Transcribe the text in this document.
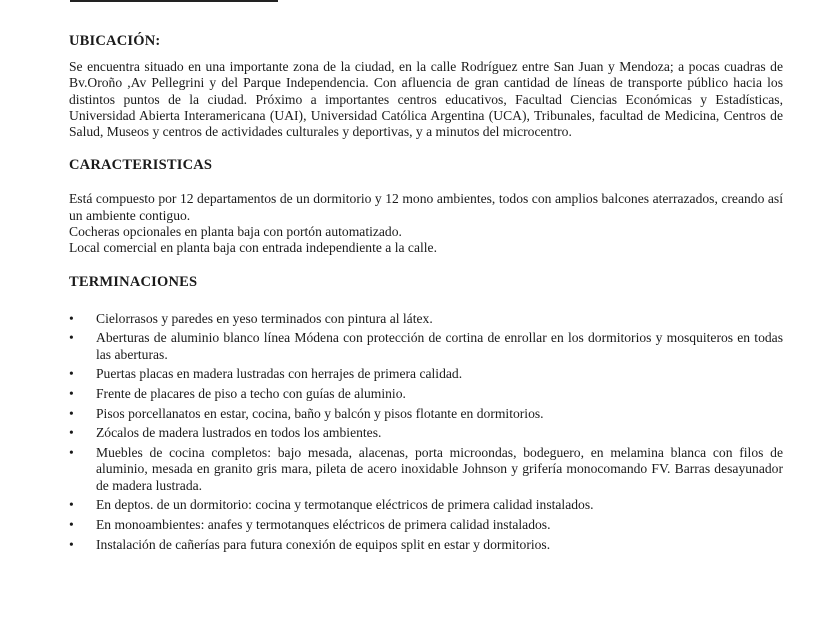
UBICACIÓN:

Se encuentra situado en una importante zona de la ciudad, en la calle Rodríguez entre San Juan y Mendoza; a pocas cuadras de Bv.Oroño ,Av Pellegrini y del Parque Independencia. Con afluencia de gran cantidad de líneas de transporte público hacia los distintos puntos de la ciudad. Próximo a importantes centros educativos, Facultad Ciencias Económicas y Estadísticas, Universidad Abierta Interamericana (UAI), Universidad Católica Argentina (UCA), Tribunales, facultad de Medicina, Centros de Salud, Museos y centros de actividades culturales y deportivas, y a minutos del microcentro.

CARACTERISTICAS

Está compuesto por 12 departamentos de un dormitorio y 12 mono ambientes, todos con amplios balcones aterrazados, creando así un ambiente contiguo.

Cocheras opcionales en planta baja con portón automatizado.

Local comercial en planta baja con entrada independiente a la calle.

TERMINACIONES
•	Cielorrasos y paredes en yeso terminados con pintura al látex.
•	Aberturas de aluminio blanco línea Módena con protección de cortina de enrollar en los dormitorios y mosquiteros en todas las aberturas.
•	Puertas placas en madera lustradas con herrajes de primera calidad.
•	Frente de placares de piso a techo con guías de aluminio.
•	Pisos porcellanatos en estar, cocina, baño y balcón y pisos flotante en dormitorios.
•	Zócalos de madera lustrados en todos los ambientes.
•	Muebles de cocina completos: bajo mesada, alacenas, porta microondas, bodeguero, en melamina blanca con filos de aluminio, mesada en granito gris mara, pileta de acero inoxidable Johnson y grifería monocomando FV. Barras desayunador de madera lustrada.
•	En deptos. de un dormitorio: cocina y termotanque eléctricos de primera calidad instalados.
•	En monoambientes: anafes y termotanques eléctricos de primera calidad instalados.
•	Instalación de cañerías para futura conexión de equipos split en estar y dormitorios.
